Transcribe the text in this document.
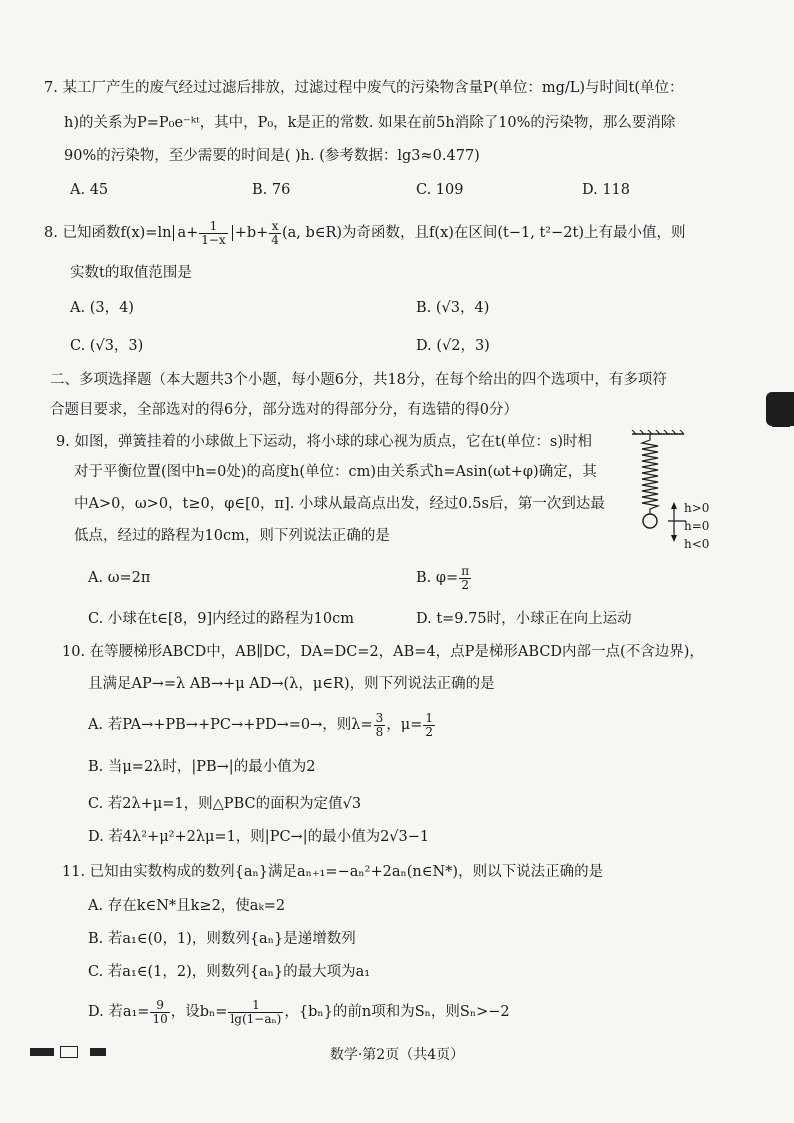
7. 某工厂产生的废气经过过滤后排放，过滤过程中废气的污染物含量P(单位：mg/L)与时间t(单位：
h)的关系为P=P₀e⁻ᵏᵗ，其中，P₀，k是正的常数. 如果在前5h消除了10%的污染物，那么要消除
90%的污染物，至少需要的时间是( )h. (参考数据：lg3≈0.477)
A. 45	B. 76	C. 109	D. 118
8. 已知函数f(x)=ln $a+ \frac{1}{1-x} +b+ \frac{x}{4} (a$, b∈R)为奇函数，且f(x)在区间(t−1, t²−2t)上有最小值，则
实数t的取值范围是
A. (3，4)	B. (√3，4)
C. (√3，3)	D. (√2，3)
二、多项选择题（本大题共3个小题，每小题6分，共18分，在每个给出的四个选项中，有多项符
合题目要求，全部选对的得6分，部分选对的得部分分，有选错的得0分）
9. 如图，弹簧挂着的小球做上下运动，将小球的球心视为质点，它在t(单位：s)时相
对于平衡位置(图中h=0处)的高度h(单位：cm)由关系式h=Asin(ωt+φ)确定，其
中A>0，ω>0，t≥0，φ∈[0，π]. 小球从最高点出发，经过0.5s后，第一次到达最
低点，经过的路程为10cm，则下列说法正确的是
h>0
h=0
h<0
A. ω=2π	B. $\varphi= \frac{\pi}{2}$
C. 小球在t∈[8，9]内经过的路程为10cm	D. t=9.75时，小球正在向上运动
10. 在等腰梯形ABCD中，AB∥DC，DA=DC=2，AB=4，点P是梯形ABCD内部一点(不含边界)，
且满足AP→=λ AB→+μ AD→(λ，μ∈R)，则下列说法正确的是
A. 若PA→+PB→+PC→+PD→=0→，则$\lambda= \frac{3}{8}$ ，$\mu= \frac{1}{2}$
B. 当μ=2λ时，|PB→|的最小值为2
C. 若2λ+μ=1，则△PBC的面积为定值√3
D. 若4λ²+μ²+2λμ=1，则|PC→|的最小值为2√3−1
11. 已知由实数构成的数列{aₙ}满足aₙ₊₁=−aₙ²+2aₙ(n∈N*)，则以下说法正确的是
A. 存在k∈N*且k≥2，使aₖ=2
B. 若a₁∈(0，1)，则数列{aₙ}是递增数列
C. 若a₁∈(1，2)，则数列{aₙ}的最大项为a₁
D. 若$a_1= \frac{9}{10}$ ，设$b_n= \frac{1}{\text{lg(1−aₙ)}}$ ，{bₙ}的前n项和为Sₙ，则Sₙ>−2
数学·第2页（共4页）
